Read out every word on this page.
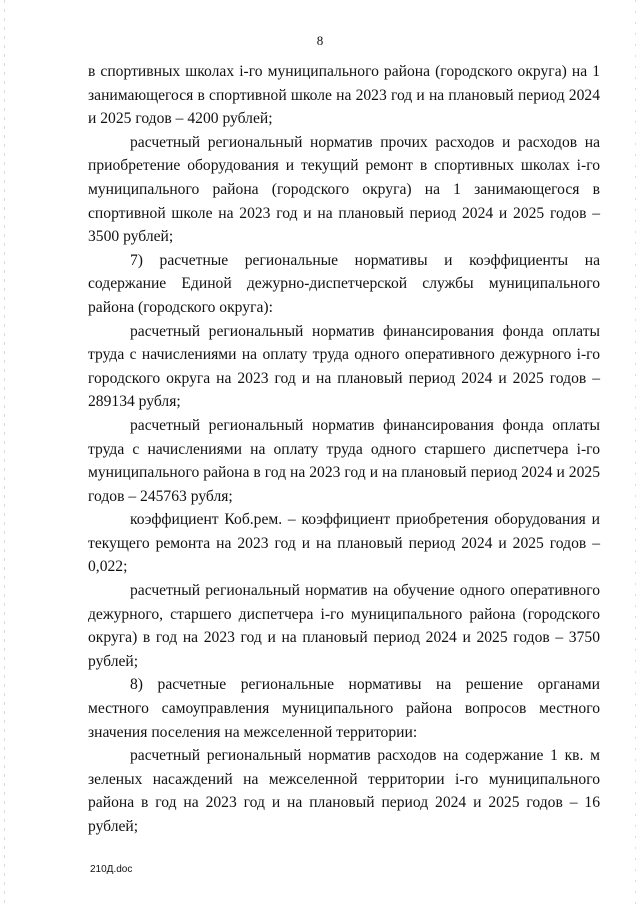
8

в спортивных школах i-го муниципального района (городского округа) на 1 занимающегося в спортивной школе на 2023 год и на плановый период 2024 и 2025 годов – 4200 рублей;

расчетный региональный норматив прочих расходов и расходов на приобретение оборудования и текущий ремонт в спортивных школах i-го муниципального района (городского округа) на 1 занимающегося в спортивной школе на 2023 год и на плановый период 2024 и 2025 годов – 3500 рублей;

7) расчетные региональные нормативы и коэффициенты на содержание Единой дежурно-диспетчерской службы муниципального района (городского округа):

расчетный региональный норматив финансирования фонда оплаты труда с начислениями на оплату труда одного оперативного дежурного i-го городского округа на 2023 год и на плановый период 2024 и 2025 годов – 289134 рубля;

расчетный региональный норматив финансирования фонда оплаты труда с начислениями на оплату труда одного старшего диспетчера i-го муниципального района в год на 2023 год и на плановый период 2024 и 2025 годов – 245763 рубля;

коэффициент Коб.рем. – коэффициент приобретения оборудования и текущего ремонта на 2023 год и на плановый период 2024 и 2025 годов – 0,022;

расчетный региональный норматив на обучение одного оперативного дежурного, старшего диспетчера i-го муниципального района (городского округа) в год на 2023 год и на плановый период 2024 и 2025 годов – 3750 рублей;

8) расчетные региональные нормативы на решение органами местного самоуправления муниципального района вопросов местного значения поселения на межселенной территории:

расчетный региональный норматив расходов на содержание 1 кв. м зеленых насаждений на межселенной территории i-го муниципального района в год на 2023 год и на плановый период 2024 и 2025 годов – 16 рублей;

210Д.doc
